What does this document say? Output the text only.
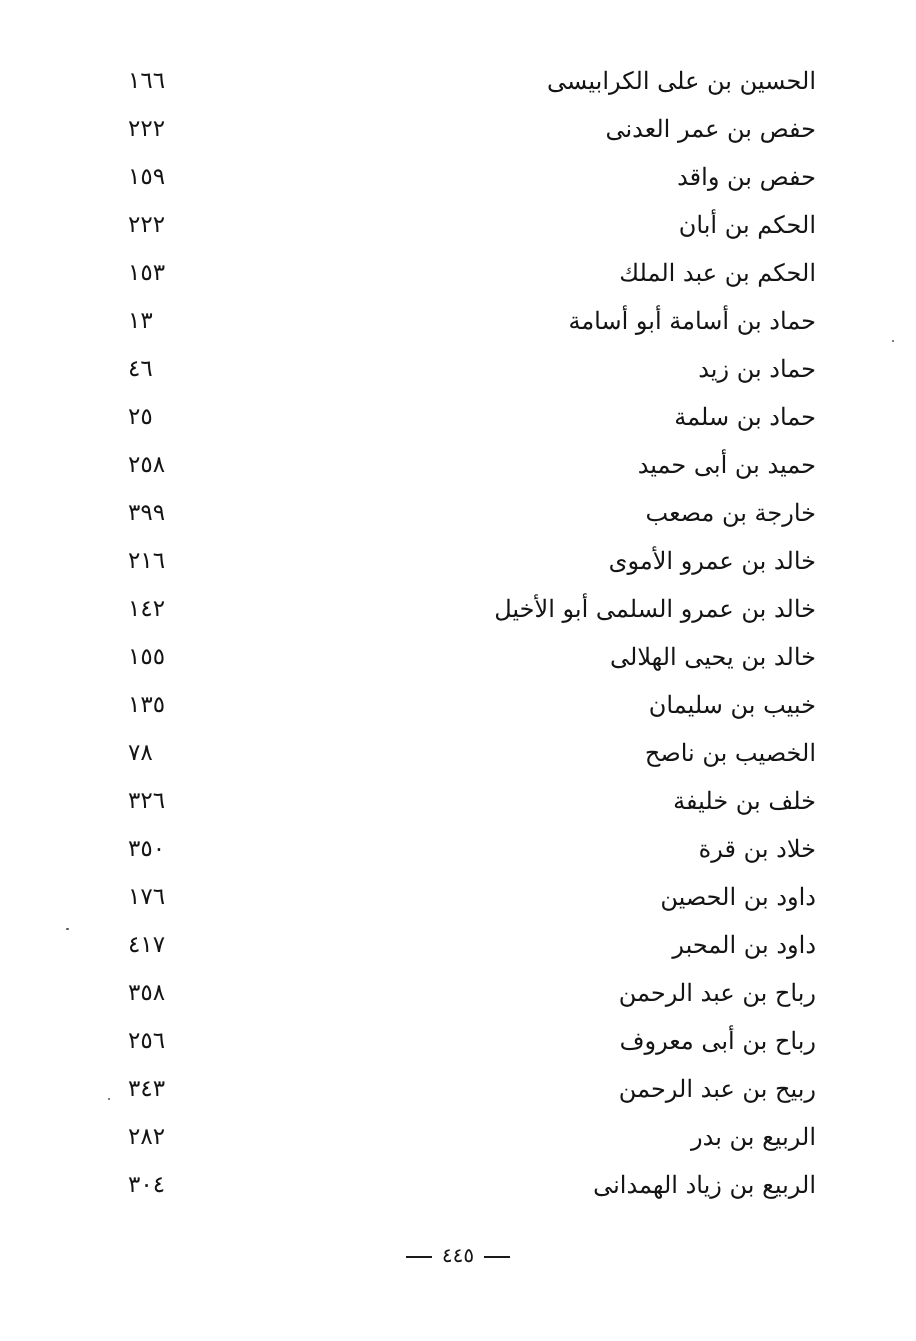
الحسين بن على الكرابيسى
١٦٦
حفص بن عمر العدنى
٢٢٢
حفص بن واقد
١٥٩
الحكم بن أبان
٢٢٢
الحكم بن عبد الملك
١٥٣
حماد بن أسامة أبو أسامة
١٣
حماد بن زيد
٤٦
حماد بن سلمة
٢٥
حميد بن أبى حميد
٢٥٨
خارجة بن مصعب
٣٩٩
خالد بن عمرو الأموى
٢١٦
خالد بن عمرو السلمى أبو الأخيل
١٤٢
خالد بن يحيى الهلالى
١٥٥
خبيب بن سليمان
١٣٥
الخصيب بن ناصح
٧٨
خلف بن خليفة
٣٢٦
خلاد بن قرة
٣٥٠
داود بن الحصين
١٧٦
داود بن المحبر
٤١٧
رباح بن عبد الرحمن
٣٥٨
رباح بن أبى معروف
٢٥٦
ربيح بن عبد الرحمن
٣٤٣
الربيع بن بدر
٢٨٢
الربيع بن زياد الهمدانى
٣٠٤
٤٤٥
